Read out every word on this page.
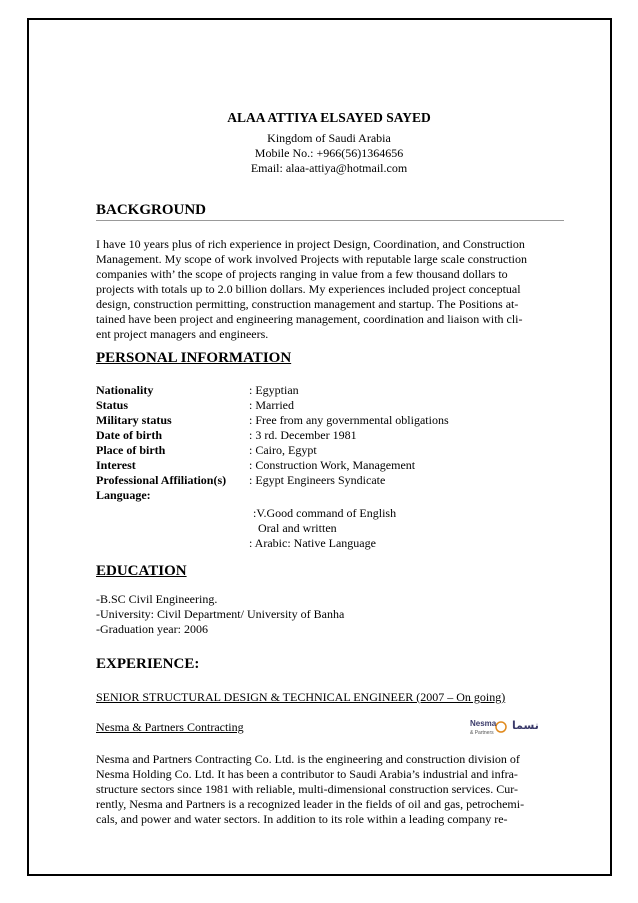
ALAA ATTIYA ELSAYED SAYED
Kingdom of Saudi Arabia
Mobile No.: +966(56)1364656
Email: alaa-attiya@hotmail.com
BACKGROUND
I have 10 years plus of rich experience in project Design, Coordination, and Construction
Management. My scope of work involved Projects with reputable large scale construction
companies with’ the scope of projects ranging in value from a few thousand dollars to
projects with totals up to 2.0 billion dollars. My experiences included project conceptual
design, construction permitting, construction management and startup. The Positions at-
tained have been project and engineering management, coordination and liaison with cli-
ent project managers and engineers.
PERSONAL INFORMATION
Nationality	: Egyptian
Status	: Married
Military status	: Free from any governmental obligations
Date of birth	: 3 rd. December 1981
Place of birth	: Cairo, Egypt
Interest	: Construction Work, Management
Professional Affiliation(s) : Egypt Engineers Syndicate
Language:
:V.Good command of English
Oral and written
: Arabic: Native Language
EDUCATION
-B.SC Civil Engineering.
-University: Civil Department/ University of Banha
-Graduation year: 2006
EXPERIENCE:
SENIOR STRUCTURAL DESIGN & TECHNICAL ENGINEER (2007 – On going)
Nesma & Partners Contracting	Nesma
& Partners
نسما
Nesma and Partners Contracting Co. Ltd. is the engineering and construction division of
Nesma Holding Co. Ltd. It has been a contributor to Saudi Arabia’s industrial and infra-
structure sectors since 1981 with reliable, multi-dimensional construction services. Cur-
rently, Nesma and Partners is a recognized leader in the fields of oil and gas, petrochemi-
cals, and power and water sectors. In addition to its role within a leading company re-
